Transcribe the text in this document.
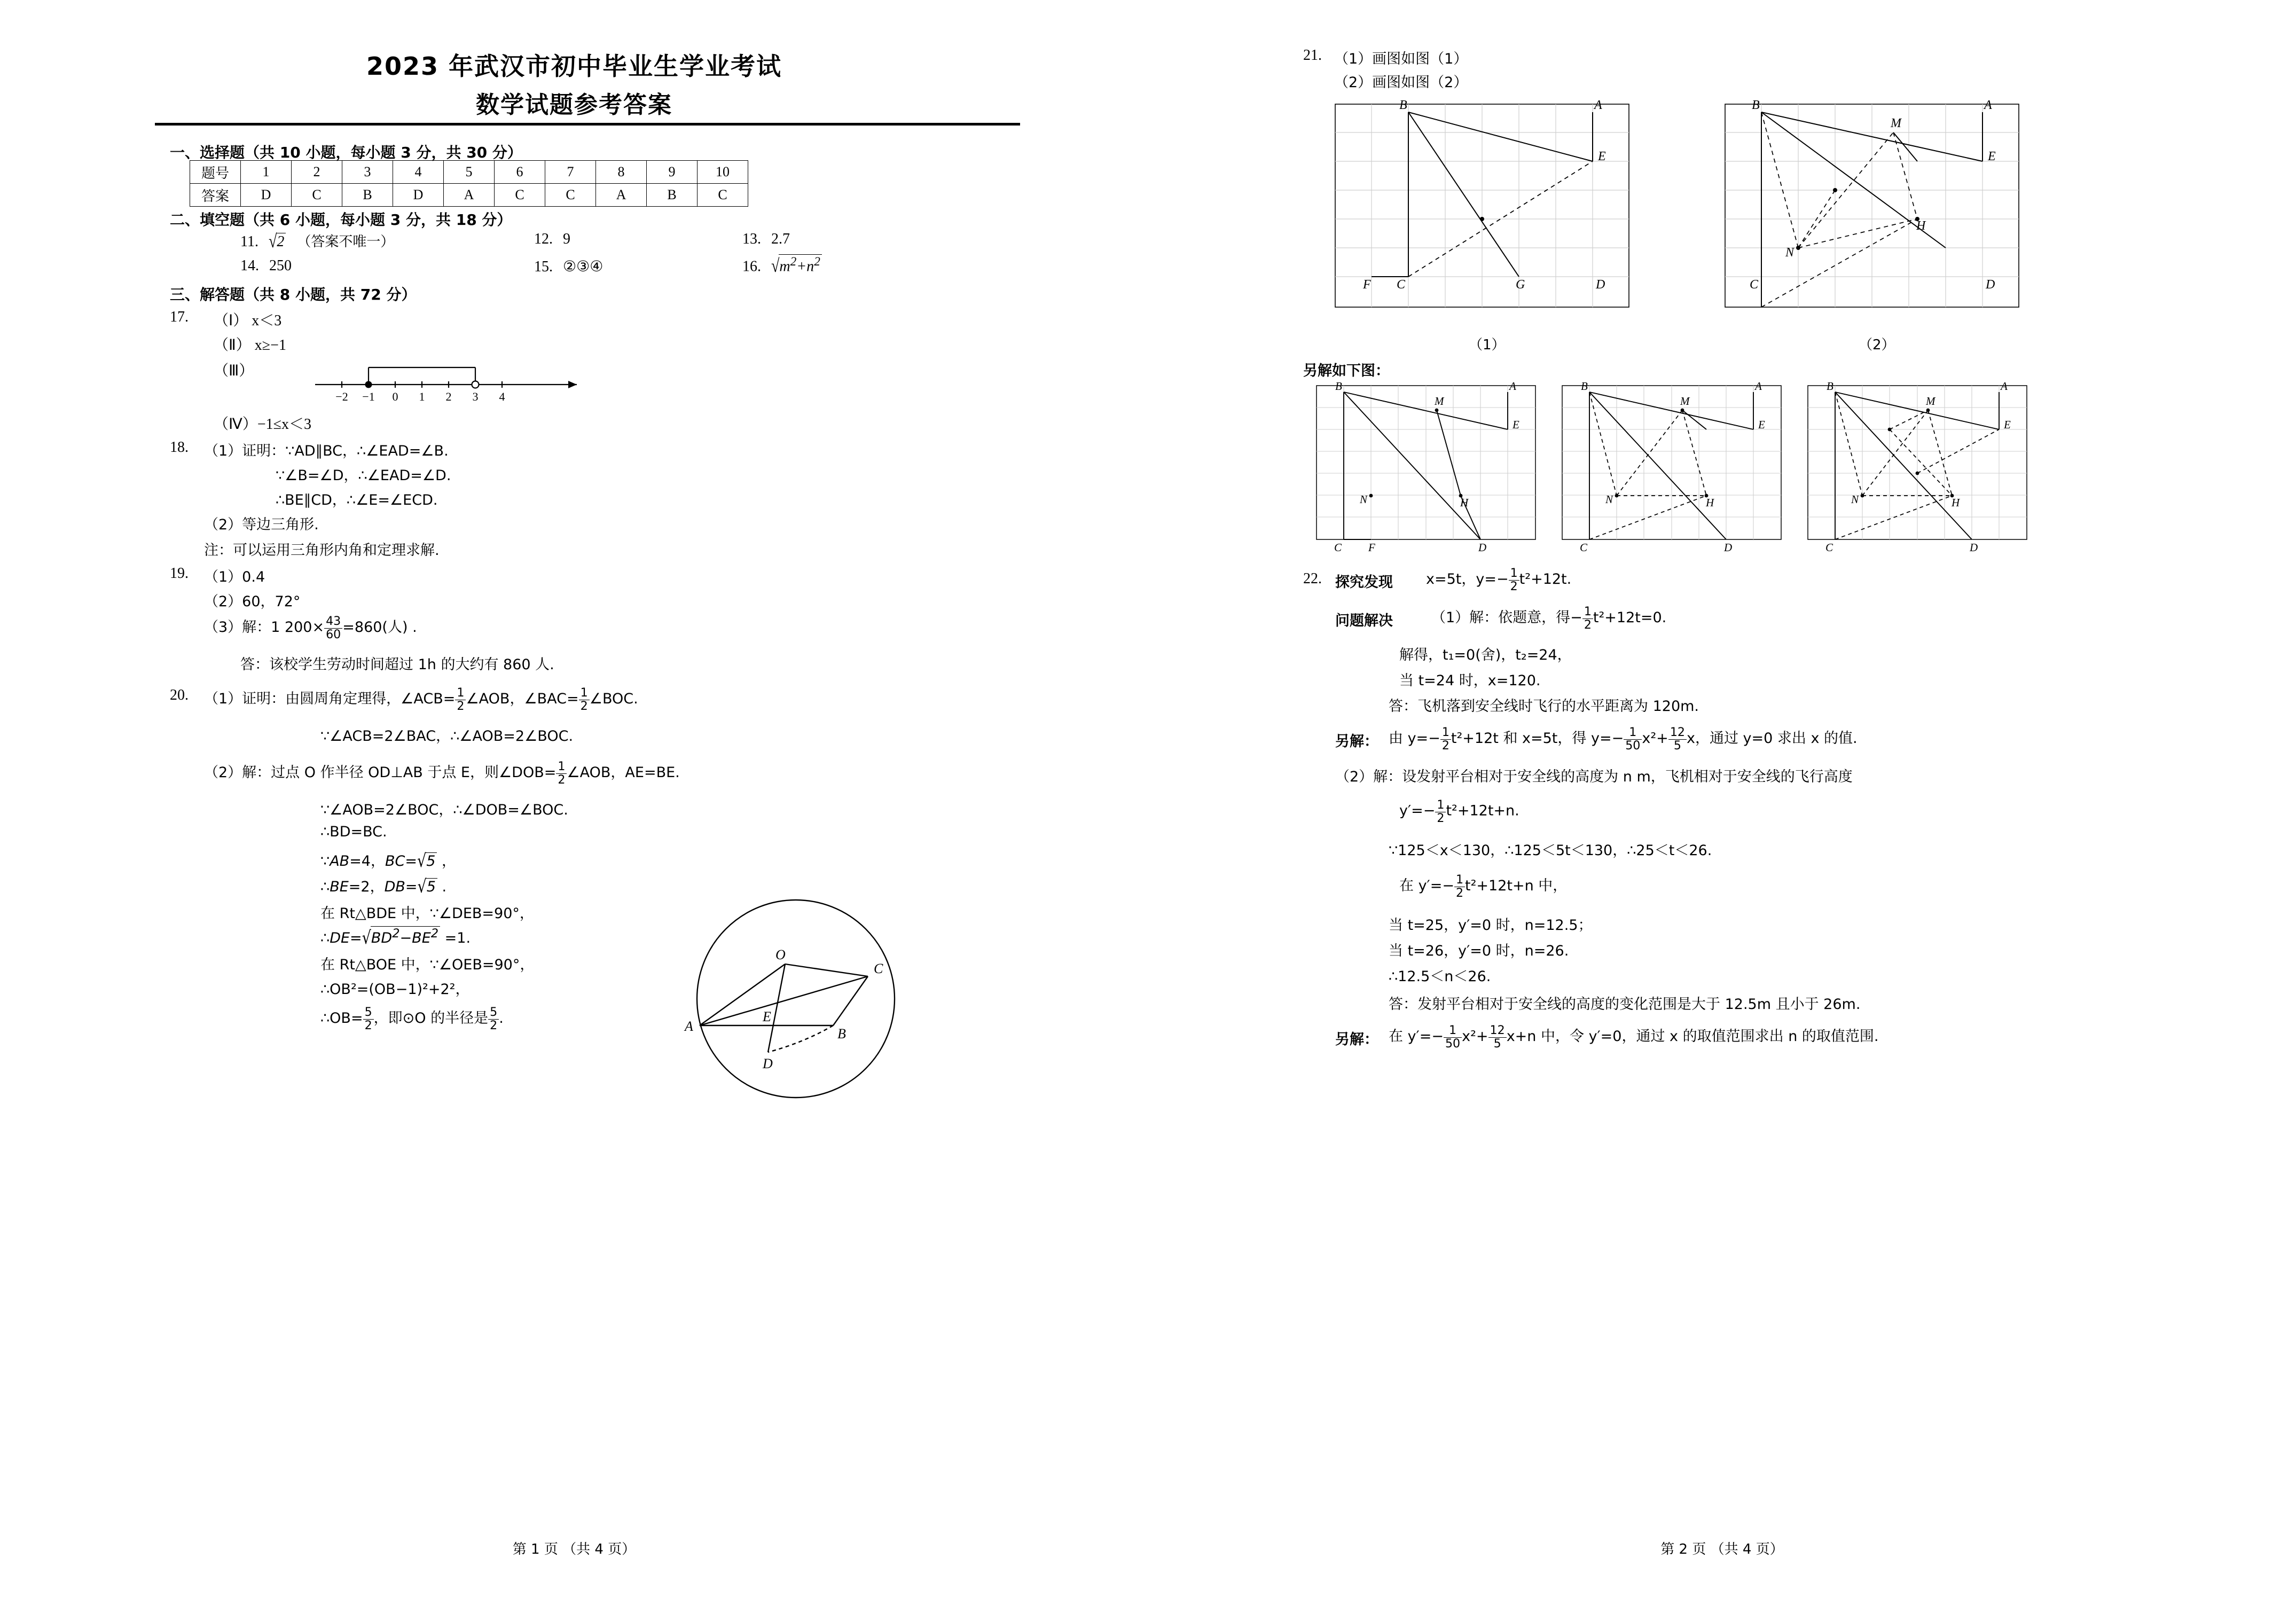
2023 年武汉市初中毕业生学业考试
数学试题参考答案
一、选择题（共 10 小题，每小题 3 分，共 30 分）
题号	1	2	3	4	5	6	7	8	9	10
答案	D	C	B	D	A	C	C	A	B	C
二、填空题（共 6 小题，每小题 3 分，共 18 分）
11. √2 （答案不唯一）	12. 9	13. 2.7
14. 250	15. ②③④	16. $√m^2+n^2$
三、解答题（共 8 小题，共 72 分）
17. （Ⅰ） x＜3
（Ⅱ） x≥−1
（Ⅲ）
−2 −1 0 1 2 3 4
（Ⅳ）−1≤x＜3
18. （1）证明：∵AD∥BC，∴∠EAD=∠B.
∵∠B=∠D，∴∠EAD=∠D.
∴BE∥CD，∴∠E=∠ECD.
（2）等边三角形.
注：可以运用三角形内角和定理求解.
19. （1）0.4
（2）60，72°
（3）解：1 $200\times \frac{43}{60} =860$(人) .
答：该校学生劳动时间超过 1h 的大约有 860 人.
20. （1）证明：由圆周角定理得，∠ACB= $\frac{1}{2}$ ∠AOB，∠BAC= $\frac{1}{2}$ ∠BOC.
∵∠ACB=2∠BAC，∴∠AOB=2∠BOC.
（2）解：过点 O 作半径 OD⊥AB 于点 E，则∠DOB= $\frac{1}{2}$ ∠AOB，AE=BE.
∵∠AOB=2∠BOC，∴∠DOB=∠BOC.
∴BD=BC.
∵AB=4，BC=√5 ，
∴BE=2，DB=√5 .
在 Rt△BDE 中，∵∠DEB=90°，
$\therefore DE=√BD^2-BE^2 =1$.
在 Rt△BOE 中，∵∠OEB=90°，
∴OB²=(OB−1)²+2²，
∴OB= $\frac{5}{2}$ ，即⊙O 的半径是 $\frac{5}{2}$ .
O
C
A
E
B
D
第 1 页 （共 4 页）
21. （1）画图如图（1）
（2）画图如图（2）
B	A
E
F C	G	D
（1）
B
M
A
E
N
H
C	D
（2）
另解如下图：
B
M
A
E
N	H
C F	D
B
M
A
E
N	H
C	D
B
M
A
E
N	H
C	D
22. 探究发现 x=5t，$y=- \frac{1}{2} t^2+12t$.
问题解决	（1）解：依题意，得− $\frac{1}{2} t^2+12t=0$.
解得，t₁=0(舍)，t₂=24，
当 t=24 时，x=120.
答：飞机落到安全线时飞行的水平距离为 120m.
另解： 由 $y=- \frac{1}{2} t^2+12t$ 和 x=5t，得 $y=- \frac{1}{50} x^2+ \frac{12}{5}$ x，通过 y=0 求出 x 的值.
（2）解：设发射平台相对于安全线的高度为 n m，飞机相对于安全线的飞行高度
$y'=- \frac{1}{2} t^2+12t+n$.
∵125＜x＜130，∴125＜5t＜130，∴25＜t＜26.
在 $y'=- \frac{1}{2} t^2+12t+n$ 中，
当 t=25，y′=0 时，n=12.5；
当 t=26，y′=0 时，n=26.
∴12.5＜n＜26.
答：发射平台相对于安全线的高度的变化范围是大于 12.5m 且小于 26m.
另解： 在 $y'=- \frac{1}{50} x^2+ \frac{12}{5} x+n$ 中，令 y′=0，通过 x 的取值范围求出 n 的取值范围.
第 2 页 （共 4 页）
